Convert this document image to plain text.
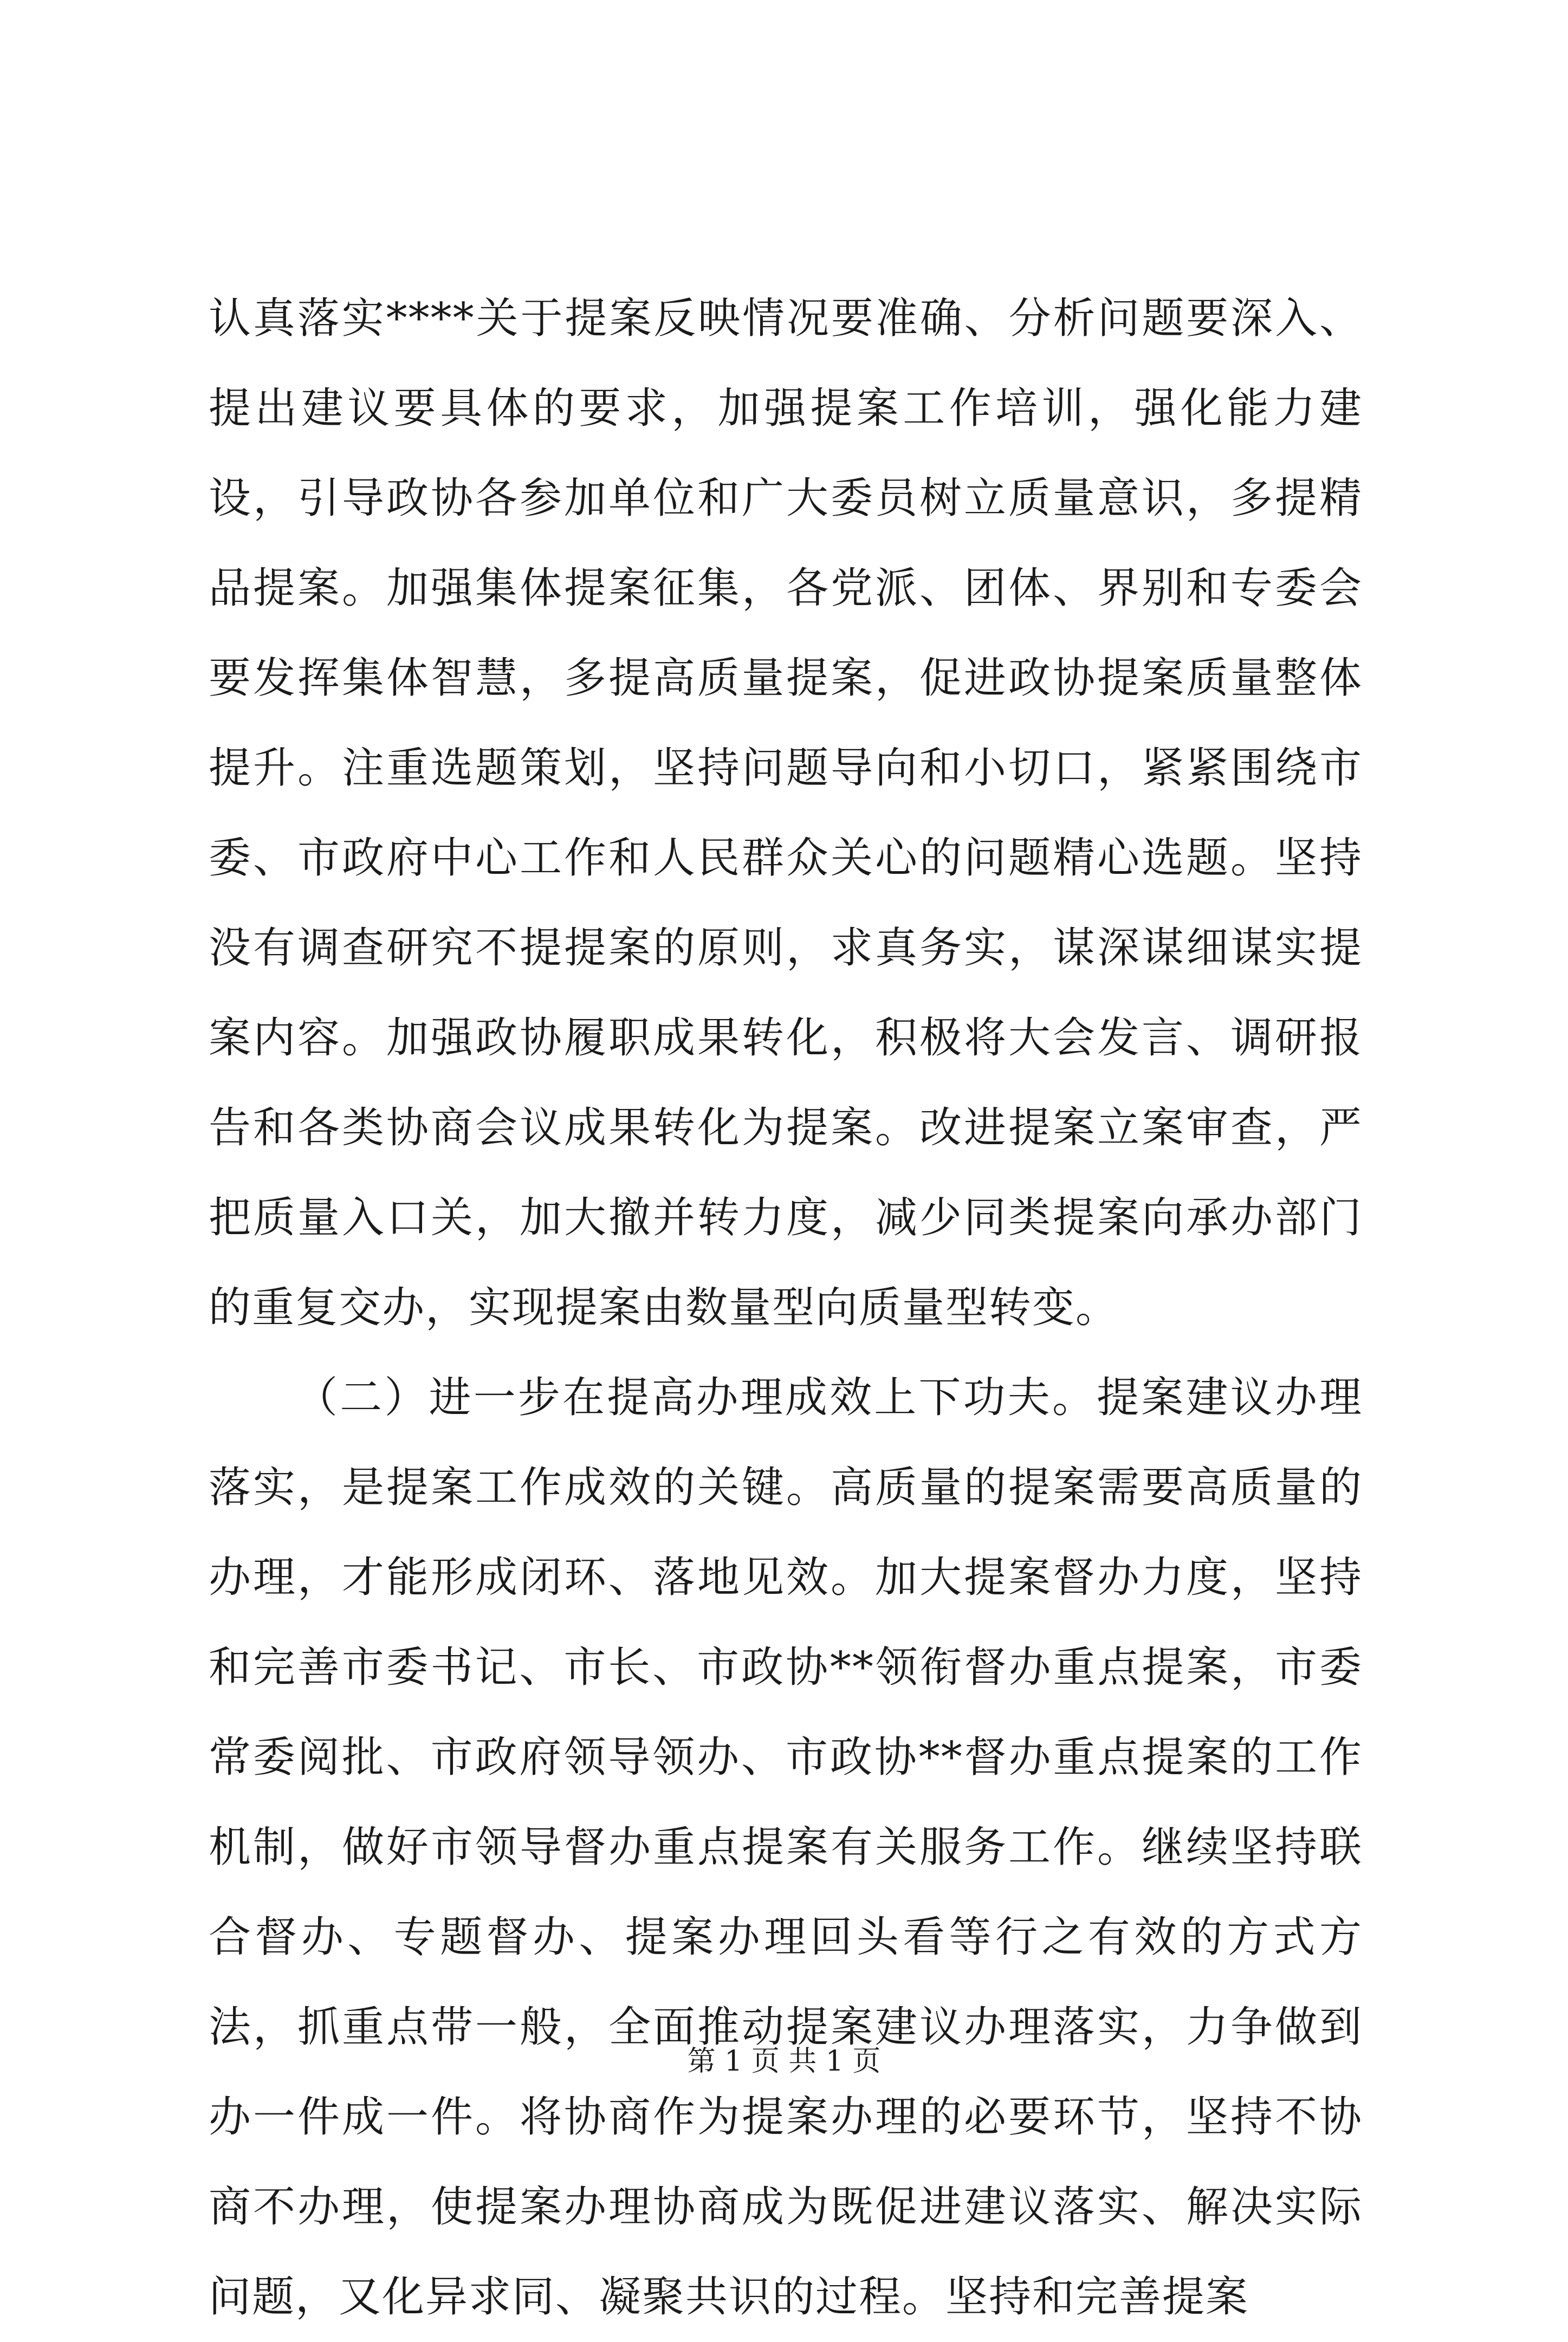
认真落实****关于提案反映情况要准确、分析问题要深入、提出建议要具体的要求，加强提案工作培训，强化能力建设，引导政协各参加单位和广大委员树立质量意识，多提精品提案。加强集体提案征集，各党派、团体、界别和专委会要发挥集体智慧，多提高质量提案，促进政协提案质量整体提升。注重选题策划，坚持问题导向和小切口，紧紧围绕市委、市政府中心工作和人民群众关心的问题精心选题。坚持没有调查研究不提提案的原则，求真务实，谋深谋细谋实提案内容。加强政协履职成果转化，积极将大会发言、调研报告和各类协商会议成果转化为提案。改进提案立案审查，严把质量入口关，加大撤并转力度，减少同类提案向承办部门的重复交办，实现提案由数量型向质量型转变。

（二）进一步在提高办理成效上下功夫。提案建议办理落实，是提案工作成效的关键。高质量的提案需要高质量的办理，才能形成闭环、落地见效。加大提案督办力度，坚持和完善市委书记、市长、市政协**领衔督办重点提案，市委常委阅批、市政府领导领办、市政协**督办重点提案的工作机制，做好市领导督办重点提案有关服务工作。继续坚持联合督办、专题督办、提案办理回头看等行之有效的方式方法，抓重点带一般，全面推动提案建议办理落实，力争做到办一件成一件。将协商作为提案办理的必要环节，坚持不协商不办理，使提案办理协商成为既促进建议落实、解决实际问题，又化异求同、凝聚共识的过程。坚持和完善提案

第 1 页 共 1 页
